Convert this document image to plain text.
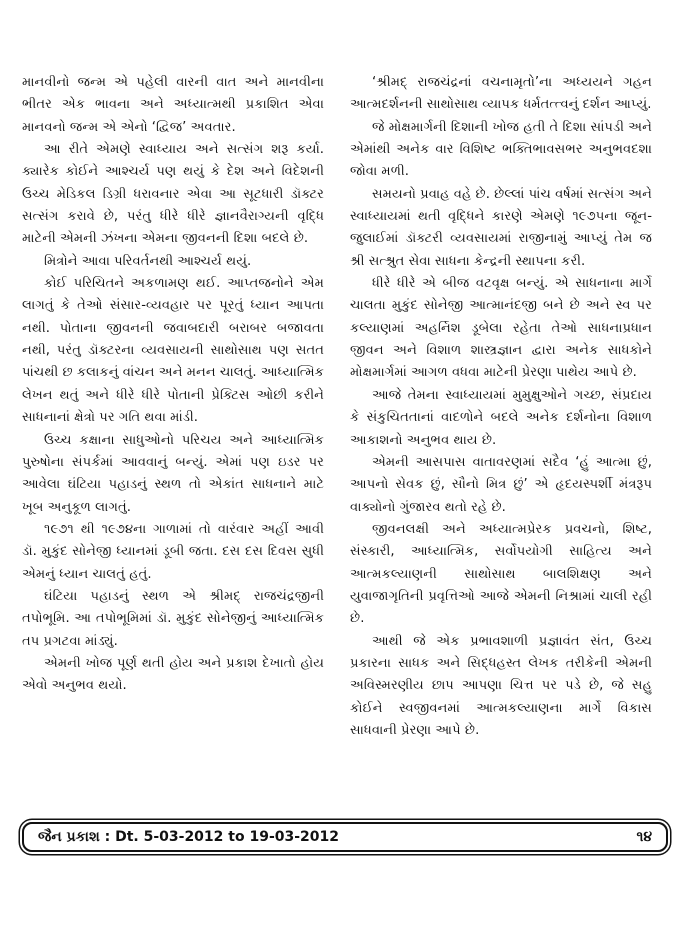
માનવીનો જન્મ એ પહેલી વારની વાત અને માનવીના ભીતર એક ભાવના અને અધ્યાત્મથી પ્રકાશિત એવા માનવનો જન્મ એ એનો ‘દ્વિજ’ અવતાર.

આ રીતે એમણે સ્વાધ્યાય અને સત્સંગ શરૂ કર્યા. ક્યારેક કોઈને આશ્ચર્ય પણ થયું કે દેશ અને વિદેશની ઉચ્ચ મેડિકલ ડિગ્રી ધરાવનાર એવા આ સૂટધારી ડૉક્ટર સત્સંગ કરાવે છે, પરંતુ ધીરે ધીરે જ્ઞાનવૈરાગ્યની વૃદ્ધિ માટેની એમની ઝંખના એમના જીવનની દિશા બદલે છે.

મિત્રોને આવા પરિવર્તનથી આશ્ચર્ય થયું.

કોઈ પરિચિતને અકળામણ થઈ. આપ્તજનોને એમ લાગતું કે તેઓ સંસાર-વ્યવહાર પર પૂરતું ધ્યાન આપતા નથી. પોતાના જીવનની જવાબદારી બરાબર બજાવતા નથી, પરંતુ ડૉક્ટરના વ્યવસાયની સાથોસાથ પણ સતત પાંચથી છ કલાકનું વાંચન અને મનન ચાલતું. આધ્યાત્મિક લેખન થતું અને ધીરે ધીરે પોતાની પ્રેક્ટિસ ઓછી કરીને સાધનાનાં ક્ષેત્રો પર ગતિ થવા માંડી.

ઉચ્ચ કક્ષાના સાધુઓનો પરિચય અને આધ્યાત્મિક પુરુષોના સંપર્કમાં આવવાનું બન્યું. એમાં પણ ઇડર પર આવેલા ઘંટિયા પહાડનું સ્થળ તો એકાંત સાધનાને માટે ખૂબ અનુકૂળ લાગતું.

૧૯૭૧ થી ૧૯૭૪ના ગાળામાં તો વારંવાર અહીં આવી ડૉ. મુકુંદ સોનેજી ધ્યાનમાં ડૂબી જતા. દસ દસ દિવસ સુધી એમનું ધ્યાન ચાલતું હતું.

ઘંટિયા પહાડનું સ્થળ એ શ્રીમદ્ રાજચંદ્રજીની તપોભૂમિ. આ તપોભૂમિમાં ડૉ. મુકુંદ સોનેજીનું આધ્યાત્મિક તપ પ્રગટવા માંડ્યું.

એમની ખોજ પૂર્ણ થતી હોય અને પ્રકાશ દેખાતો હોય એવો અનુભવ થયો.

‘શ્રીમદ્ રાજચંદ્રનાં વચનામૃતો’ના અધ્યયને ગહન આત્મદર્શનની સાથોસાથ વ્યાપક ધર્મતત્ત્વનું દર્શન આપ્યું.

જે મોક્ષમાર્ગની દિશાની ખોજ હતી તે દિશા સાંપડી અને એમાંથી અનેક વાર વિશિષ્ટ ભક્તિભાવસભર અનુભવદશા જોવા મળી.

સમયનો પ્રવાહ વહે છે. છેલ્લાં પાંચ વર્ષમાં સત્સંગ અને સ્વાધ્યાયમાં થતી વૃદ્ધિને કારણે એમણે ૧૯૭૫ના જૂન-જુલાઈમાં ડૉક્ટરી વ્યવસાયમાં રાજીનામું આપ્યું તેમ જ શ્રી સત્શ્રુત સેવા સાધના કેન્દ્રની સ્થાપના કરી.

ધીરે ધીરે એ બીજ વટવૃક્ષ બન્યું. એ સાધનાના માર્ગે ચાલતા મુકુંદ સોનેજી આત્માનંદજી બને છે અને સ્વ પર કલ્યાણમાં અહર્નિશ ડૂબેલા રહેતા તેઓ સાધનાપ્રધાન જીવન અને વિશાળ શાસ્ત્રજ્ઞાન દ્વારા અનેક સાધકોને મોક્ષમાર્ગમાં આગળ વધવા માટેની પ્રેરણા પાથેય આપે છે.

આજે તેમના સ્વાધ્યાયમાં મુમુક્ષુઓને ગચ્છ, સંપ્રદાય કે સંકુચિતતાનાં વાદળોને બદલે અનેક દર્શનોના વિશાળ આકાશનો અનુભવ થાય છે.

એમની આસપાસ વાતાવરણમાં સદૈવ ‘હું આત્મા છું, આપનો સેવક છું, સૌનો મિત્ર છું’ એ હૃદયસ્પર્શી મંત્રરૂપ વાક્યોનો ગુંજારવ થતો રહે છે.

જીવનલક્ષી અને અધ્યાત્મપ્રેરક પ્રવચનો, શિષ્ટ, સંસ્કારી, આધ્યાત્મિક, સર્વોપયોગી સાહિત્ય અને આત્મકલ્યાણની સાથોસાથ બાલશિક્ષણ અને યુવાજાગૃતિની પ્રવૃત્તિઓ આજે એમની નિશ્રામાં ચાલી રહી છે.

આથી જે એક પ્રભાવશાળી પ્રજ્ઞાવંત સંત, ઉચ્ચ પ્રકારના સાધક અને સિદ્ધહસ્ત લેખક તરીકેની એમની અવિસ્મરણીય છાપ આપણા ચિત્ત પર પડે છે, જે સહુ કોઈને સ્વજીવનમાં આત્મકલ્યાણના માર્ગે વિકાસ સાધવાની પ્રેરણા આપે છે.

જૈન પ્રકાશ : Dt. 5-03-2012 to 19-03-2012	૧૪
